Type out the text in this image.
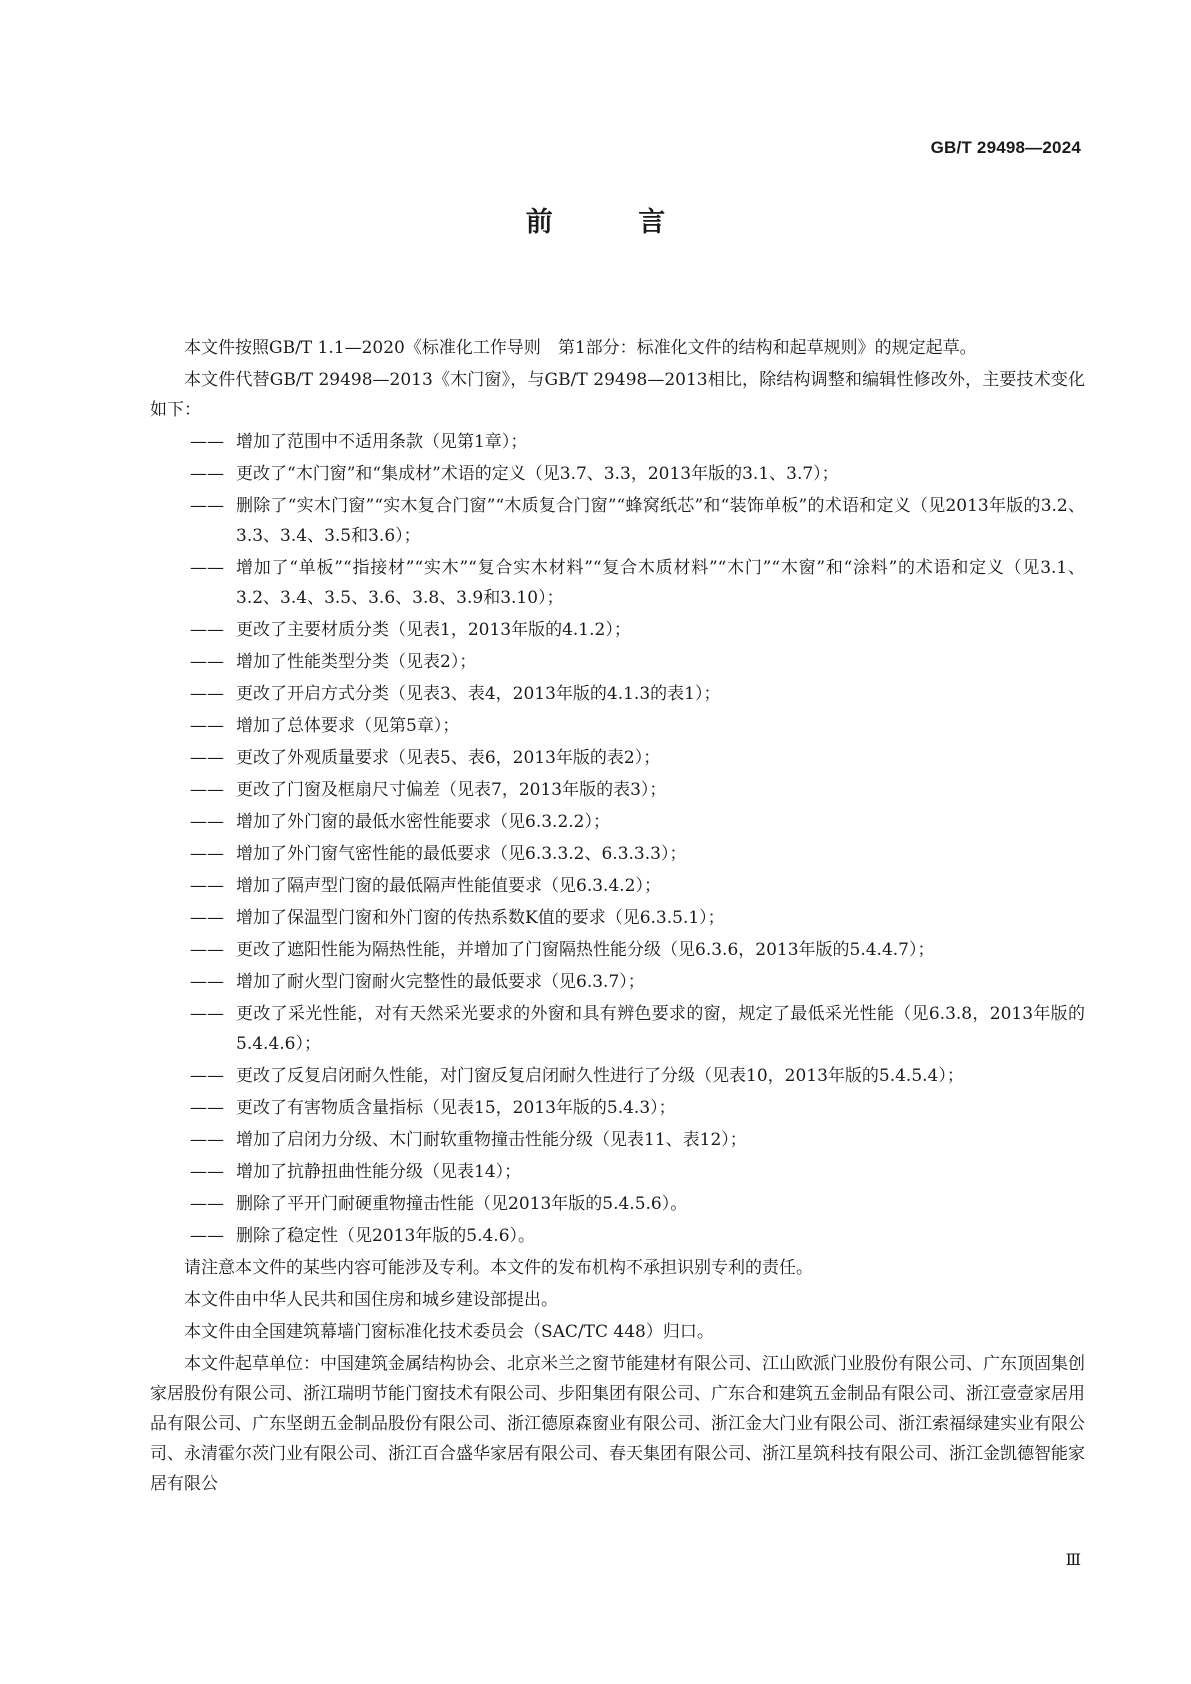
GB/T 29498—2024
前 言

本文件按照GB/T 1.1—2020《标准化工作导则　第1部分：标准化文件的结构和起草规则》的规定起草。

本文件代替GB/T 29498—2013《木门窗》，与GB/T 29498—2013相比，除结构调整和编辑性修改外，主要技术变化如下：

—— 增加了范围中不适用条款（见第1章）；
—— 更改了“木门窗”和“集成材”术语的定义（见3.7、3.3，2013年版的3.1、3.7）；
—— 删除了“实木门窗”“实木复合门窗”“木质复合门窗”“蜂窝纸芯”和“装饰单板”的术语和定义（见2013年版的3.2、3.3、3.4、3.5和3.6）；
—— 增加了“单板”“指接材”“实木”“复合实木材料”“复合木质材料”“木门”“木窗”和“涂料”的术语和定义（见3.1、3.2、3.4、3.5、3.6、3.8、3.9和3.10）；
—— 更改了主要材质分类（见表1，2013年版的4.1.2）；
—— 增加了性能类型分类（见表2）；
—— 更改了开启方式分类（见表3、表4，2013年版的4.1.3的表1）；
—— 增加了总体要求（见第5章）；
—— 更改了外观质量要求（见表5、表6，2013年版的表2）；
—— 更改了门窗及框扇尺寸偏差（见表7，2013年版的表3）；
—— 增加了外门窗的最低水密性能要求（见6.3.2.2）；
—— 增加了外门窗气密性能的最低要求（见6.3.3.2、6.3.3.3）；
—— 增加了隔声型门窗的最低隔声性能值要求（见6.3.4.2）；
—— 增加了保温型门窗和外门窗的传热系数K值的要求（见6.3.5.1）；
—— 更改了遮阳性能为隔热性能，并增加了门窗隔热性能分级（见6.3.6，2013年版的5.4.4.7）；
—— 增加了耐火型门窗耐火完整性的最低要求（见6.3.7）；
—— 更改了采光性能，对有天然采光要求的外窗和具有辨色要求的窗，规定了最低采光性能（见6.3.8，2013年版的5.4.4.6）；
—— 更改了反复启闭耐久性能，对门窗反复启闭耐久性进行了分级（见表10，2013年版的5.4.5.4）；
—— 更改了有害物质含量指标（见表15，2013年版的5.4.3）；
—— 增加了启闭力分级、木门耐软重物撞击性能分级（见表11、表12）；
—— 增加了抗静扭曲性能分级（见表14）；
—— 删除了平开门耐硬重物撞击性能（见2013年版的5.4.5.6）。
—— 删除了稳定性（见2013年版的5.4.6）。

请注意本文件的某些内容可能涉及专利。本文件的发布机构不承担识别专利的责任。

本文件由中华人民共和国住房和城乡建设部提出。

本文件由全国建筑幕墙门窗标准化技术委员会（SAC/TC 448）归口。

本文件起草单位：中国建筑金属结构协会、北京米兰之窗节能建材有限公司、江山欧派门业股份有限公司、广东顶固集创家居股份有限公司、浙江瑞明节能门窗技术有限公司、步阳集团有限公司、广东合和建筑五金制品有限公司、浙江壹壹家居用品有限公司、广东坚朗五金制品股份有限公司、浙江德原森窗业有限公司、浙江金大门业有限公司、浙江索福绿建实业有限公司、永清霍尔茨门业有限公司、浙江百合盛华家居有限公司、春天集团有限公司、浙江星筑科技有限公司、浙江金凯德智能家居有限公

Ⅲ
